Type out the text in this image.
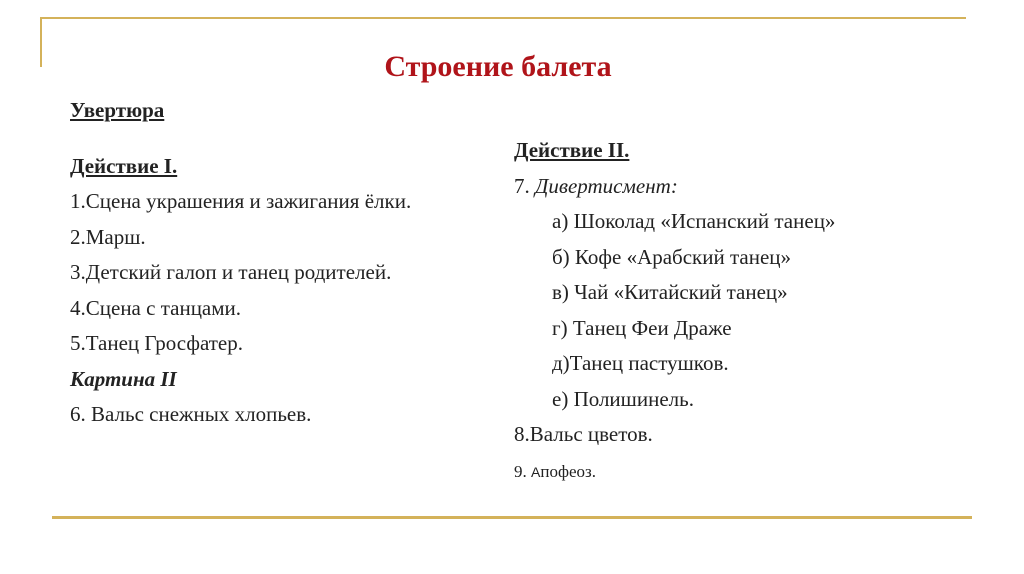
Строение балета
Увертюра
Действие I.
1.Сцена украшения и зажигания ёлки.
2.Марш.
3.Детский галоп и танец родителей.
4.Сцена с танцами.
5.Танец Гросфатер.
Картина II
6. Вальс снежных хлопьев.
Действие II.
7. Дивертисмент:
а) Шоколад «Испанский танец»
б) Кофе «Арабский танец»
в) Чай «Китайский танец»
г) Танец Феи Драже
д)Танец пастушков.
е) Полишинель.
8.Вальс цветов.
9. Апофеоз.
